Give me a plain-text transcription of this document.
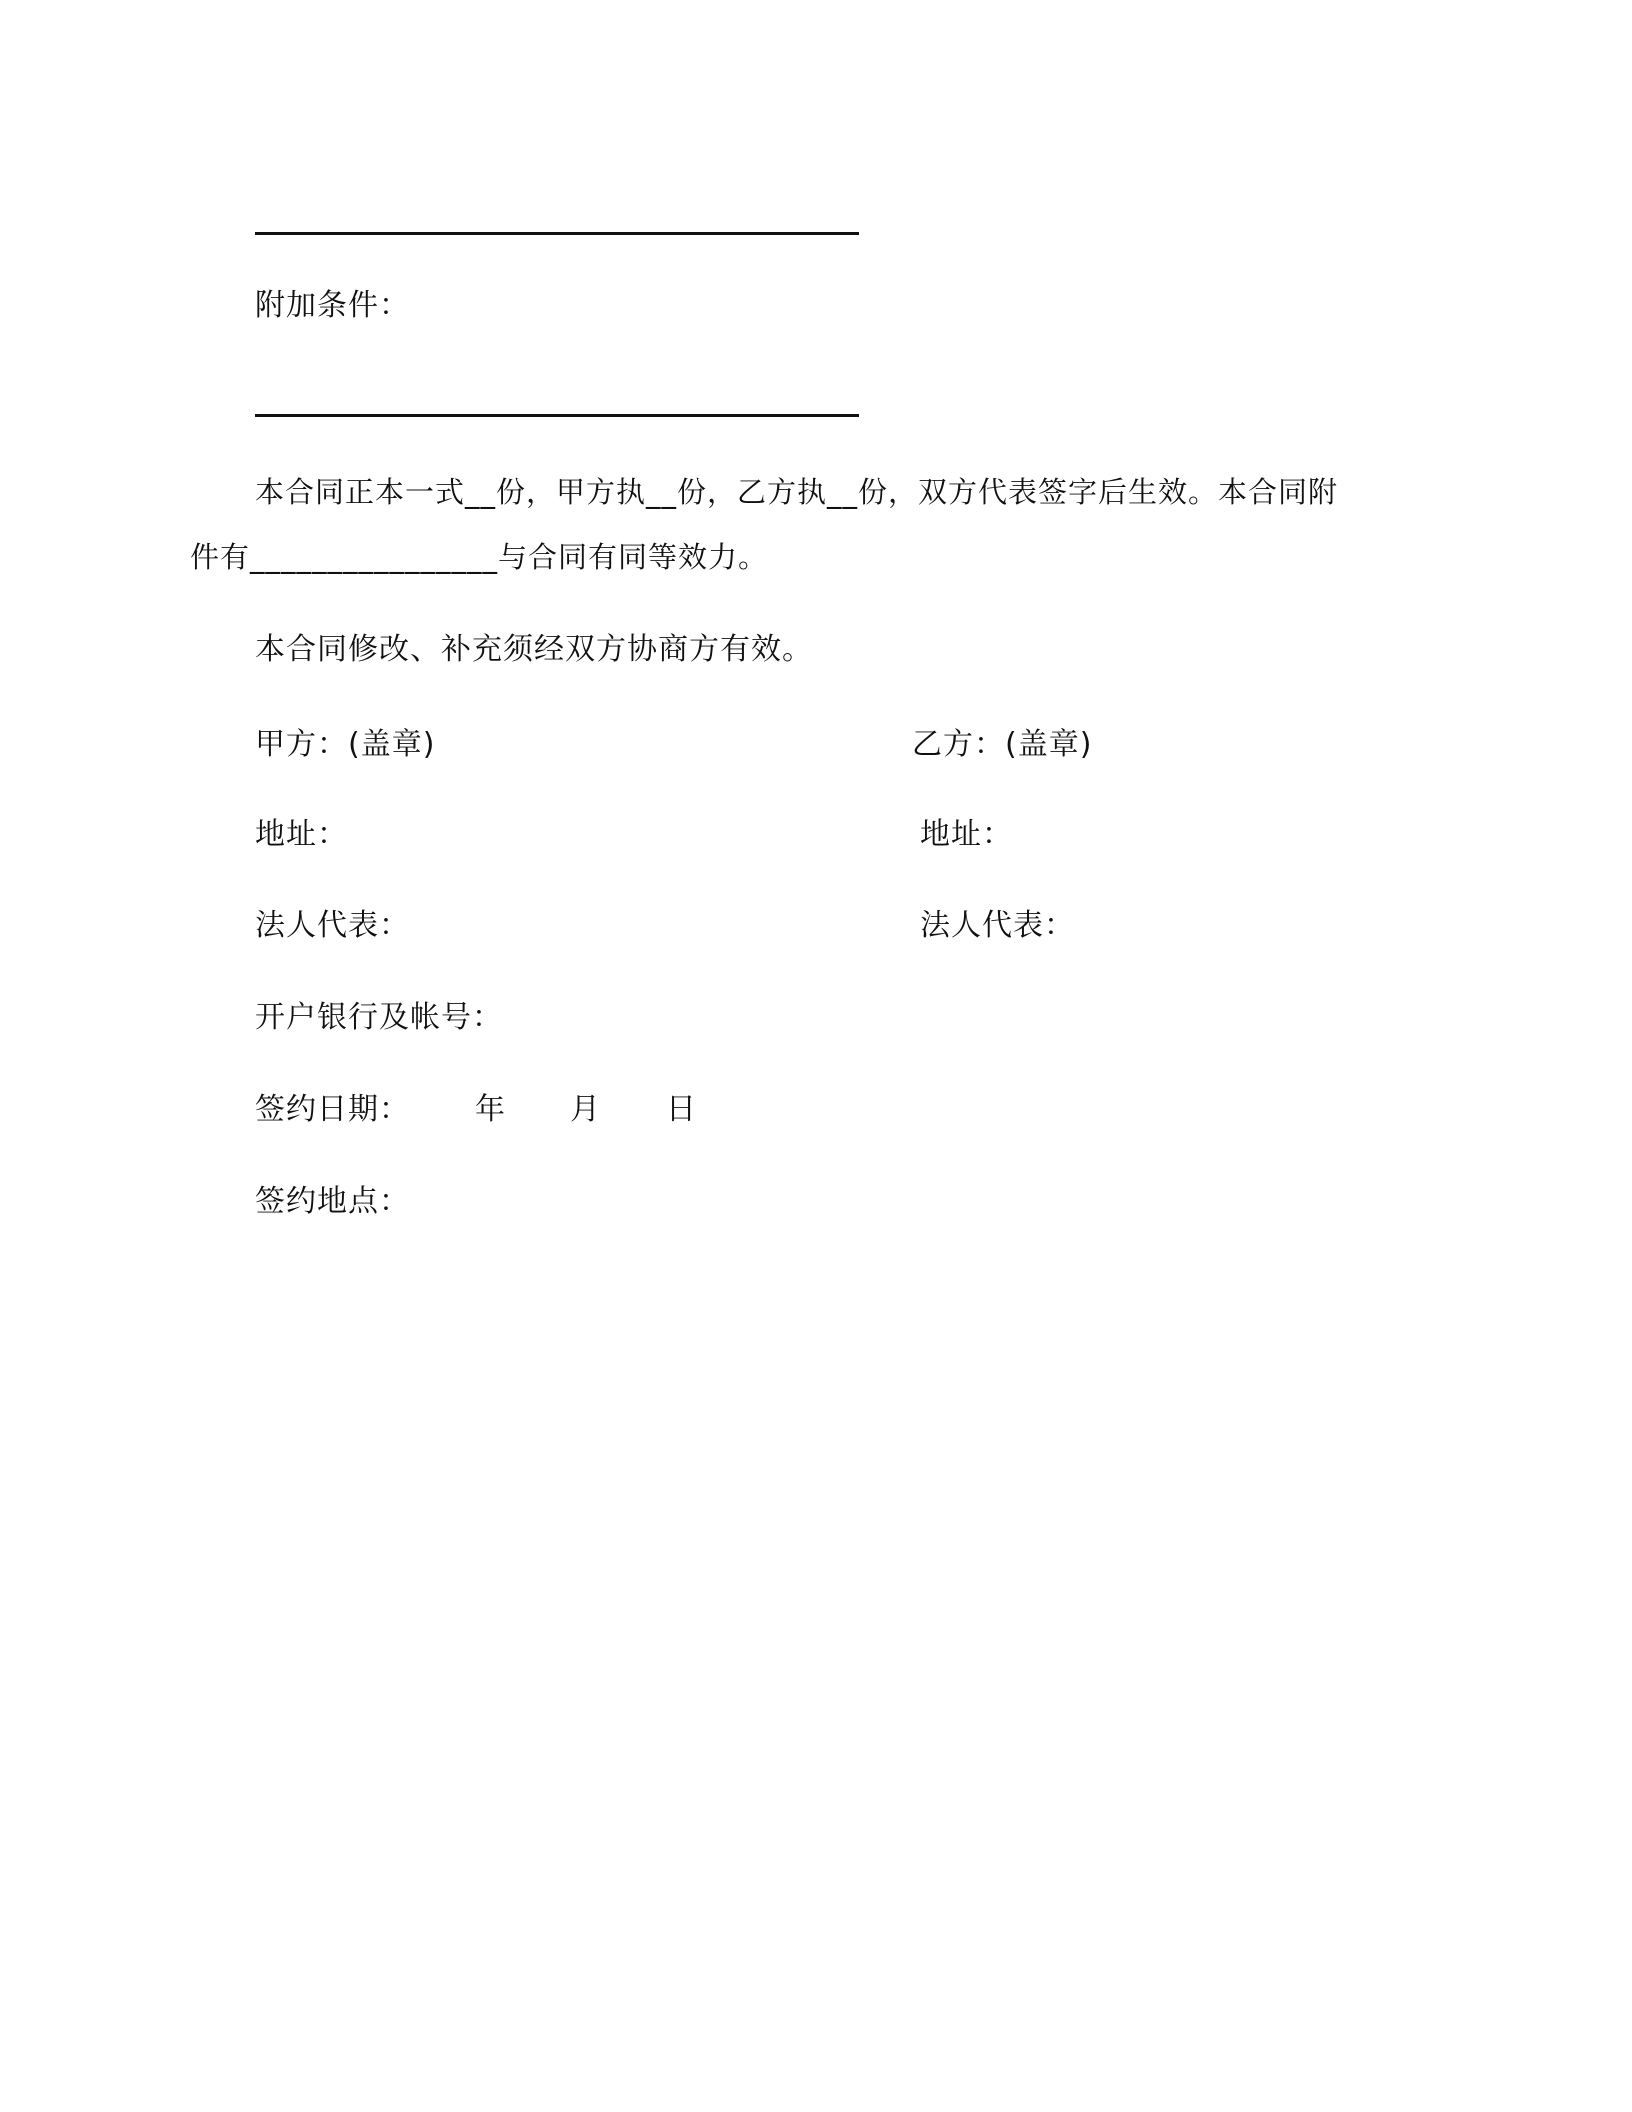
附加条件：
本合同正本一式__份，甲方执__份，乙方执__份，双方代表签字后生效。本合同附
件有________________与合同有同等效力。
本合同修改、补充须经双方协商方有效。
甲方：(盖章)	乙方：(盖章)
地址：	地址：
法人代表：	法人代表：
开户银行及帐号：
签约日期： 年 月 日
签约地点：
